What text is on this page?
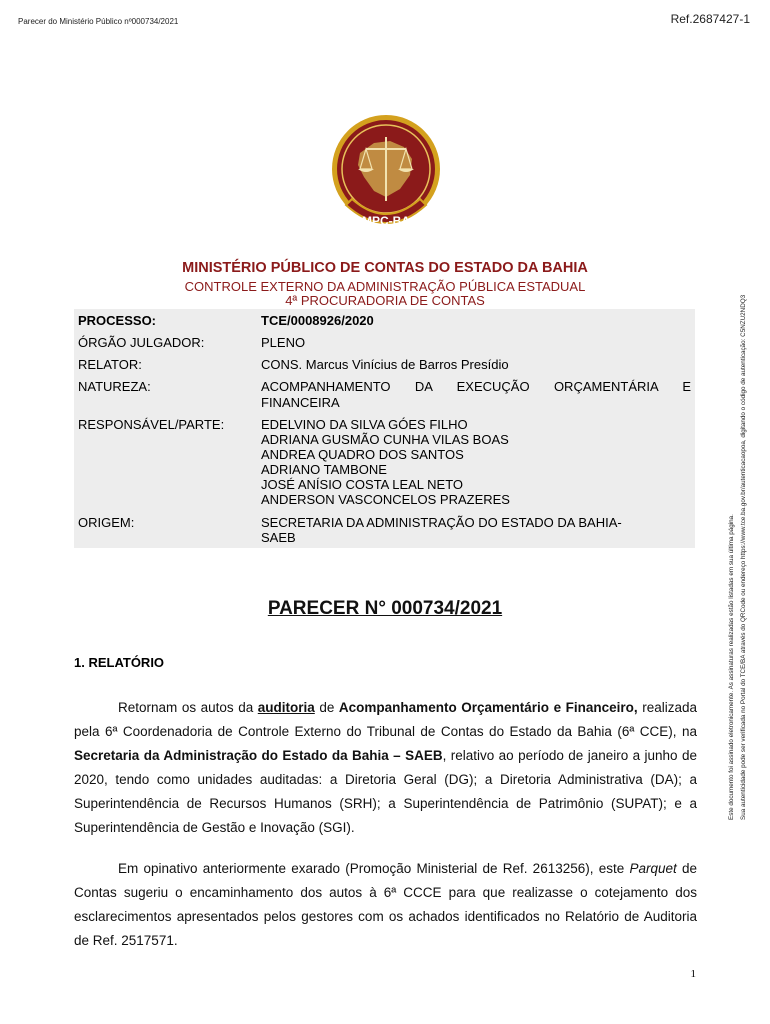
Parecer do Ministério Público nº000734/2021	Ref.2687427-1
MPC-BA
MINISTÉRIO PÚBLICO DE CONTAS DO ESTADO DA BAHIA
CONTROLE EXTERNO DA ADMINISTRAÇÃO PÚBLICA ESTADUAL
4ª PROCURADORIA DE CONTAS
PROCESSO:	TCE/0008926/2020
ÓRGÃO JULGADOR:	PLENO
RELATOR:	CONS. Marcus Vinícius de Barros Presídio
NATUREZA:	ACOMPANHAMENTO DA EXECUÇÃO ORÇAMENTÁRIA E
FINANCEIRA
RESPONSÁVEL/PARTE:	EDELVINO DA SILVA GÓES FILHO
ADRIANA GUSMÃO CUNHA VILAS BOAS
ANDREA QUADRO DOS SANTOS
ADRIANO TAMBONE
JOSÉ ANÍSIO COSTA LEAL NETO
ANDERSON VASCONCELOS PRAZERES
ORIGEM:	SECRETARIA DA ADMINISTRAÇÃO DO ESTADO DA BAHIA-
SAEB
PARECER N° 000734/2021
1. RELATÓRIO
Retornam os autos da auditoria de Acompanhamento Orçamentário e Financeiro, realizada pela 6ª Coordenadoria de Controle Externo do Tribunal de Contas do Estado da Bahia (6ª CCE), na Secretaria da Administração do Estado da Bahia – SAEB, relativo ao período de janeiro a junho de 2020, tendo como unidades auditadas: a Diretoria Geral (DG); a Diretoria Administrativa (DA); a Superintendência de Recursos Humanos (SRH); a Superintendência de Patrimônio (SUPAT); e a Superintendência de Gestão e Inovação (SGI).
Em opinativo anteriormente exarado (Promoção Ministerial de Ref. 2613256), este Parquet de Contas sugeriu o encaminhamento dos autos à 6ª CCCE para que realizasse o cotejamento dos esclarecimentos apresentados pelos gestores com os achados identificados no Relatório de Auditoria de Ref. 2517571.
Este documento foi assinado eletronicamente. As assinaturas realizadas estão listadas em sua última página. Sua autenticidade pode ser verificada no Portal do TCE/BA através do QRCode ou endereço https://www.tce.ba.gov.br/autenticacaopoa, digitando o código de autenticação: C5NZU2NDQ3
1
